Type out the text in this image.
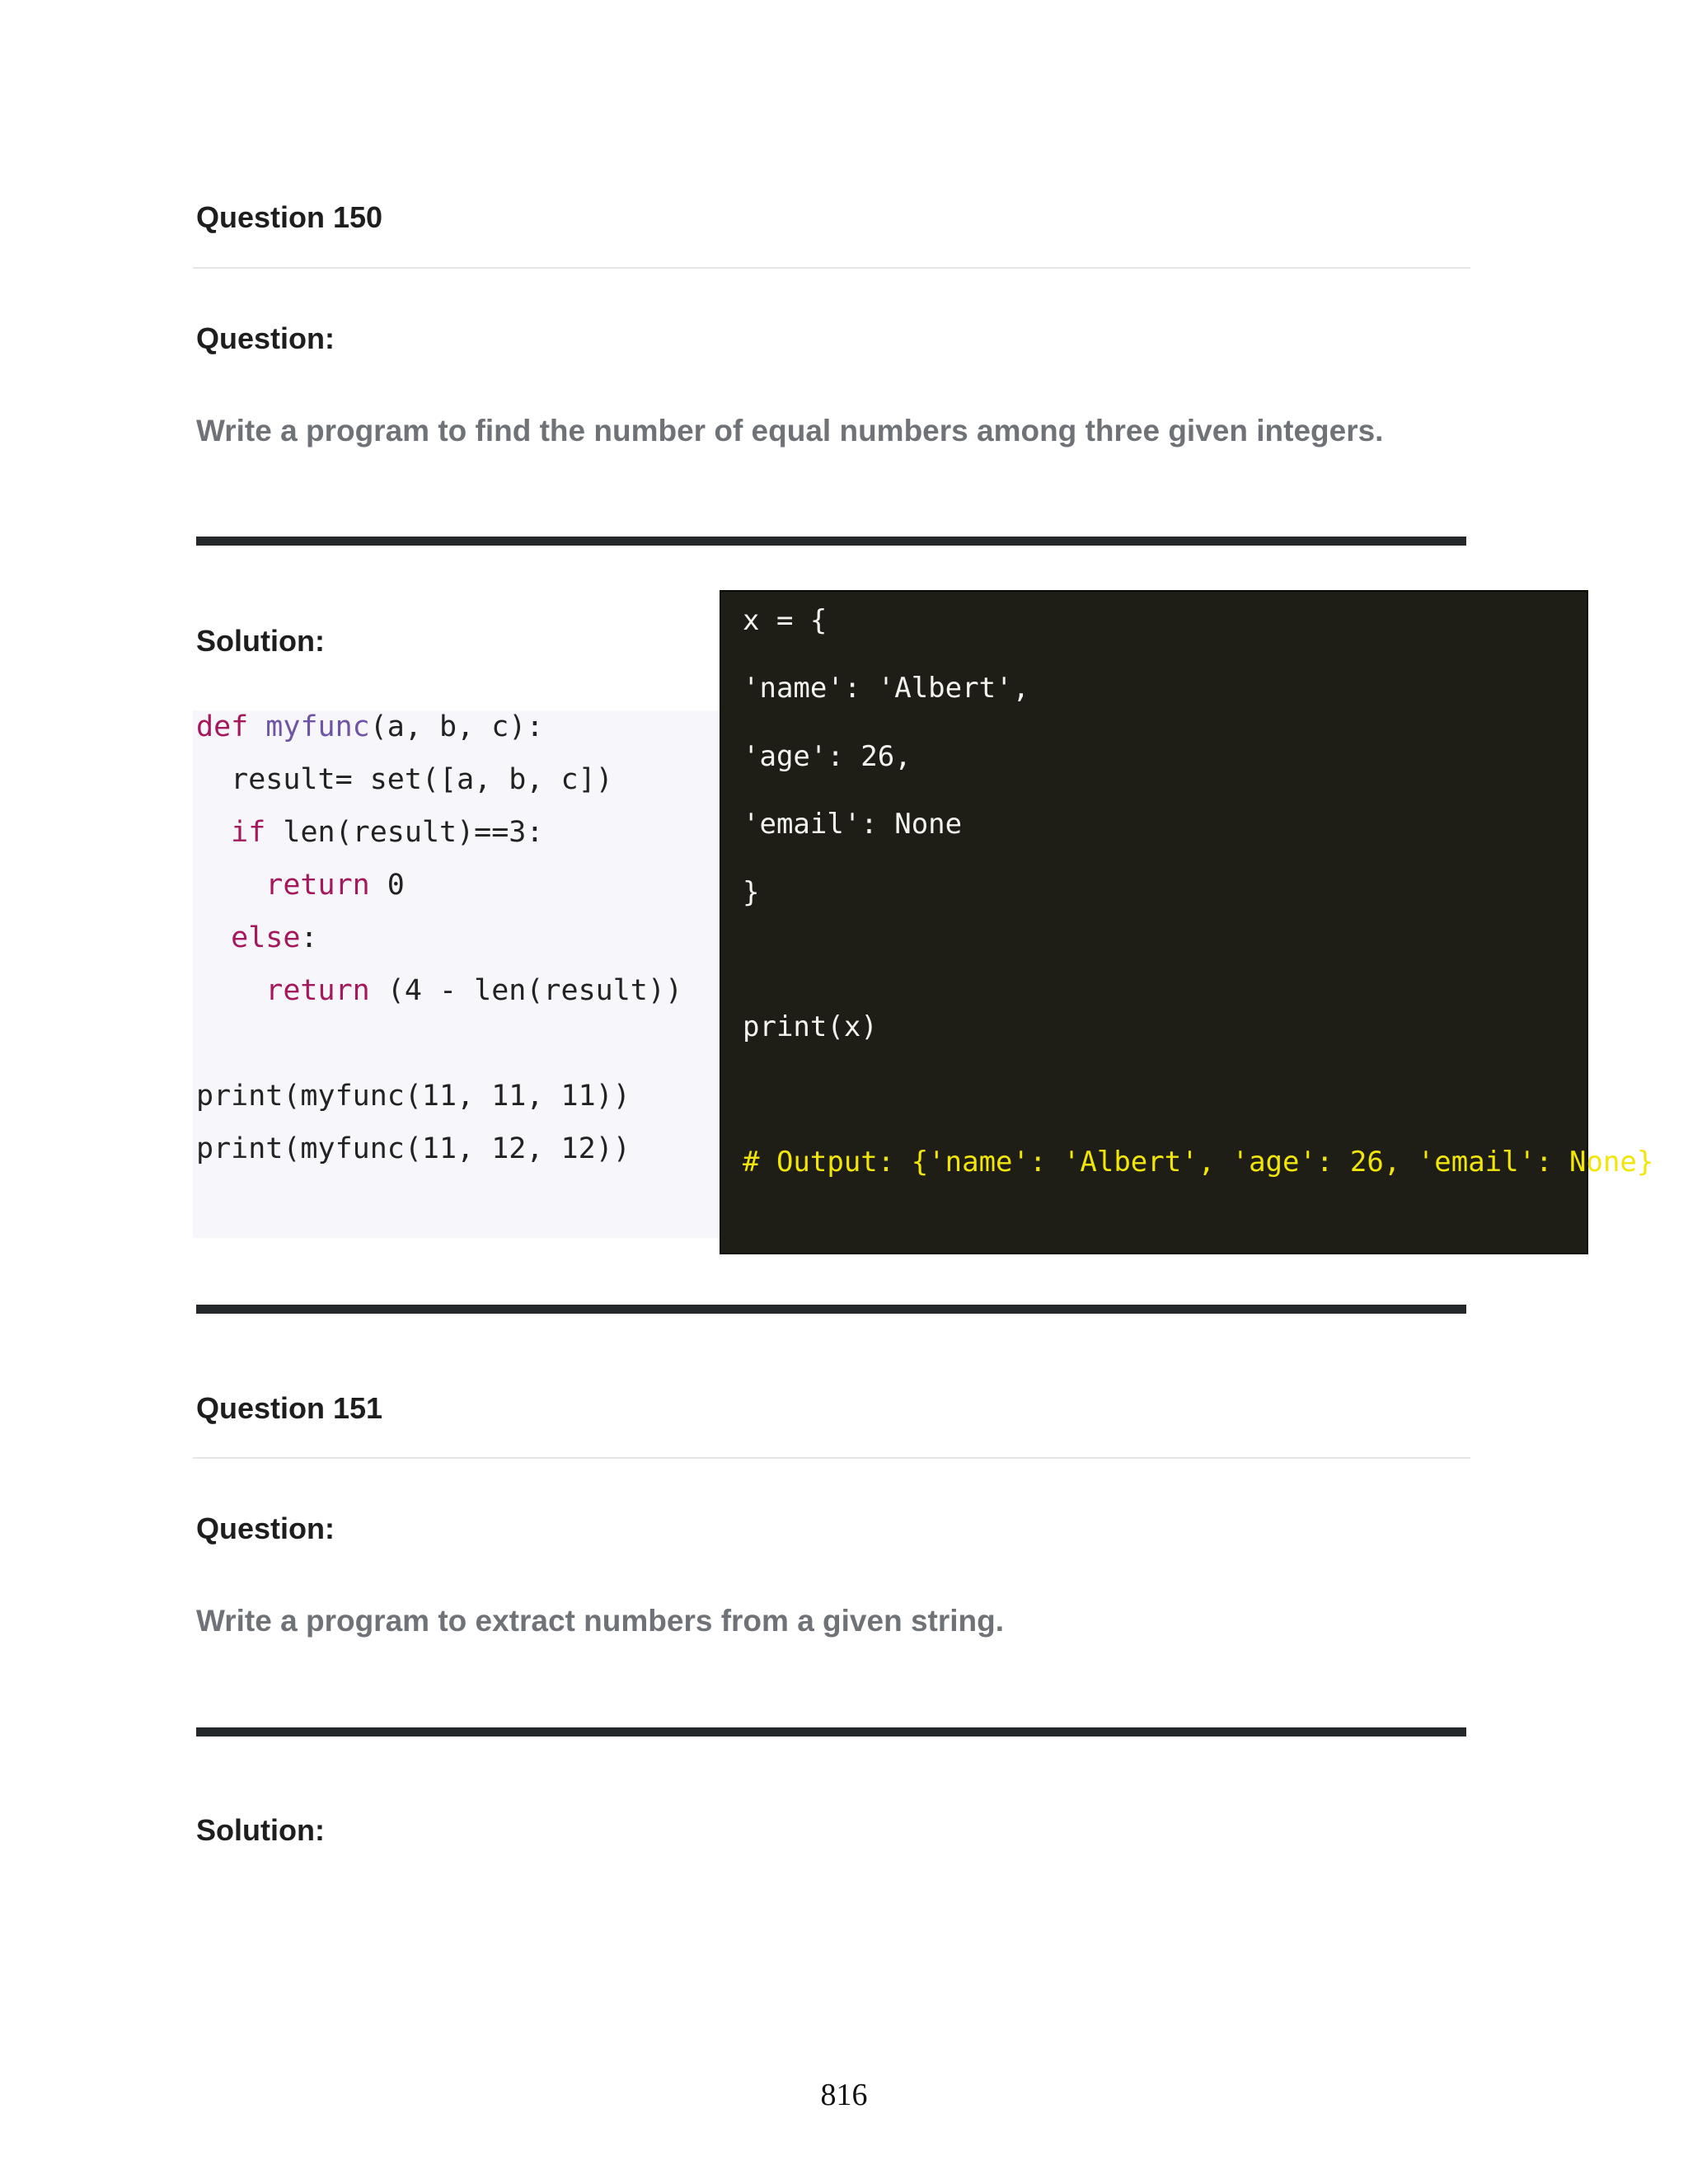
Question 150
Question:
Write a program to find the number of equal numbers among three given integers.
Solution:
def myfunc(a, b, c):
result= set([a, b, c])
if len(result)==3:
return 0
else:
return (4 - len(result))
print(myfunc(11, 11, 11))
print(myfunc(11, 12, 12))
x = {
'name': 'Albert',
'age': 26,
'email': None
}
print(x)
# Output: {'name': 'Albert', 'age': 26, 'email': None}
Question 151
Question:
Write a program to extract numbers from a given string.
Solution:
816
